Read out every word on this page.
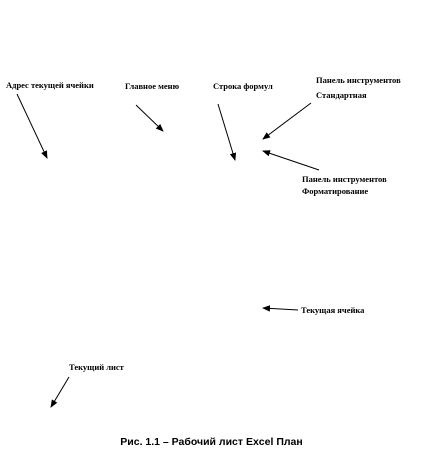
Адрес текущей ячейки	Главное меню	Строка формул
Панель инструментов
Стандартная
Панель инструментов
Форматирование
Текущая ячейка
Текущий лист
Рис. 1.1 – Рабочий лист Excel План
